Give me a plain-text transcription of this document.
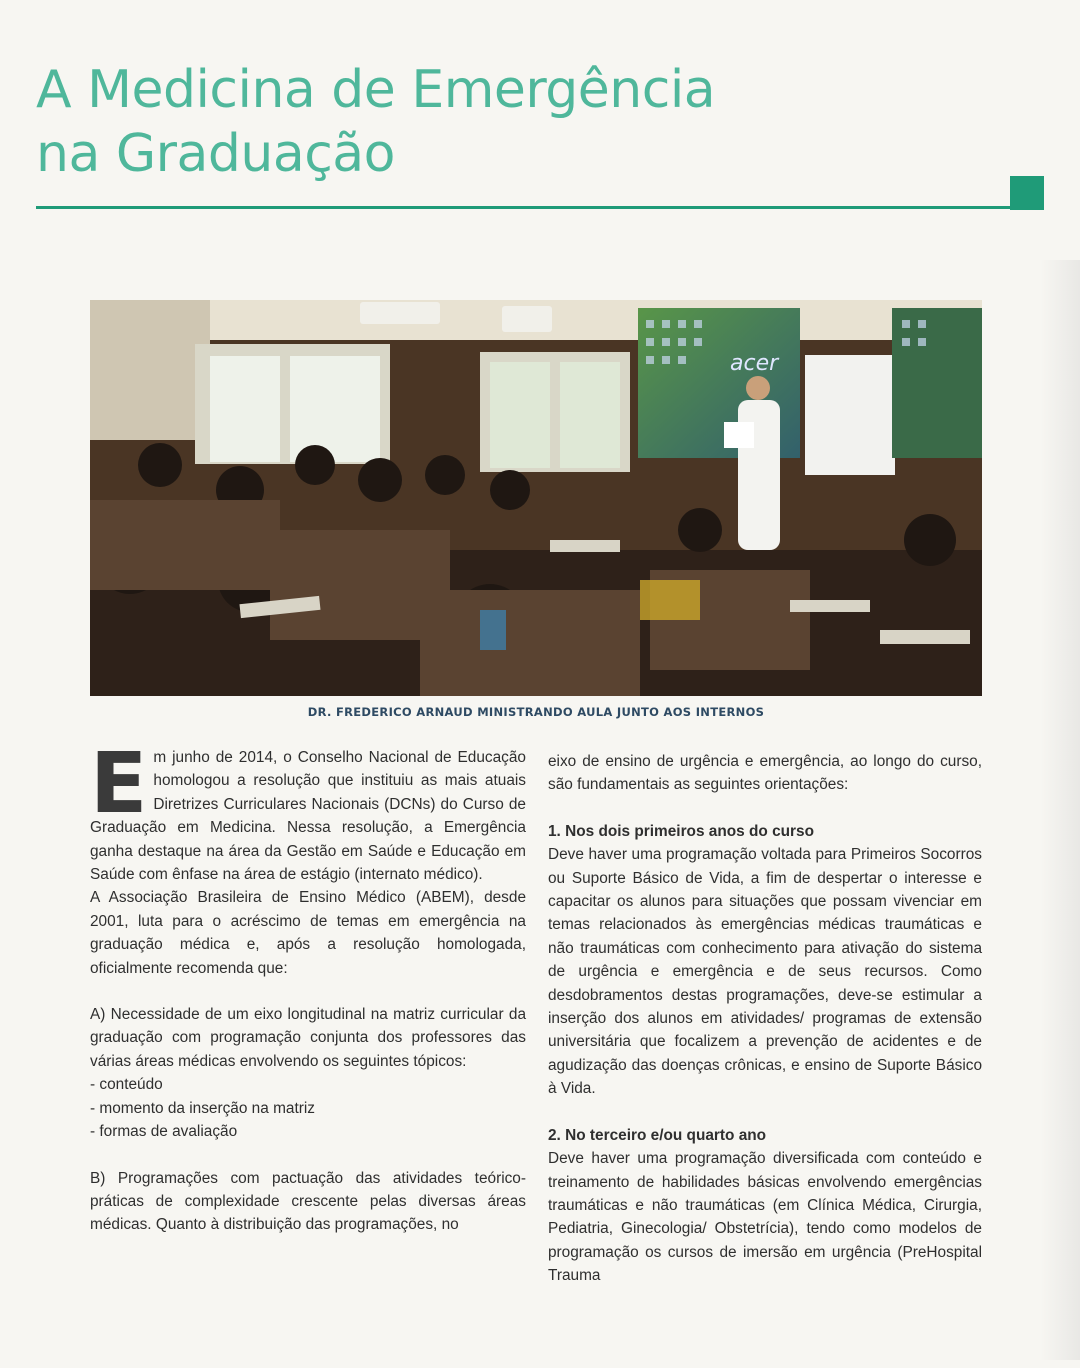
A Medicina de Emergência
na Graduação
acer
DR. FREDERICO ARNAUD MINISTRANDO AULA JUNTO AOS INTERNOS
E m junho de 2014, o Conselho Nacional de Educação homologou a resolução que instituiu as mais atuais Diretrizes Curriculares Nacionais (DCNs) do Curso de Graduação em Medicina. Nessa resolução, a Emergência ganha destaque na área da Gestão em Saúde e Educação em Saúde com ênfase na área de estágio (internato médico).

A Associação Brasileira de Ensino Médico (ABEM), desde 2001, luta para o acréscimo de temas em emergência na graduação médica e, após a resolução homologada, oficialmente recomenda que:

A) Necessidade de um eixo longitudinal na matriz curricular da graduação com programação conjunta dos professores das várias áreas médicas envolvendo os seguintes tópicos:

- conteúdo

- momento da inserção na matriz

- formas de avaliação

B) Programações com pactuação das atividades teórico-práticas de complexidade crescente pelas diversas áreas médicas. Quanto à distribuição das programações, no

eixo de ensino de urgência e emergência, ao longo do curso, são fundamentais as seguintes orientações:

1. Nos dois primeiros anos do curso

Deve haver uma programação voltada para Primeiros Socorros ou Suporte Básico de Vida, a fim de despertar o interesse e capacitar os alunos para situações que possam vivenciar em temas relacionados às emergências médicas traumáticas e não traumáticas com conhecimento para ativação do sistema de urgência e emergência e de seus recursos. Como desdobramentos destas programações, deve-se estimular a inserção dos alunos em atividades/ programas de extensão universitária que focalizem a prevenção de acidentes e de agudização das doenças crônicas, e ensino de Suporte Básico à Vida.

2. No terceiro e/ou quarto ano

Deve haver uma programação diversificada com conteúdo e treinamento de habilidades básicas envolvendo emergências traumáticas e não traumáticas (em Clínica Médica, Cirurgia, Pediatria, Ginecologia/ Obstetrícia), tendo como modelos de programação os cursos de imersão em urgência (PreHospital Trauma
